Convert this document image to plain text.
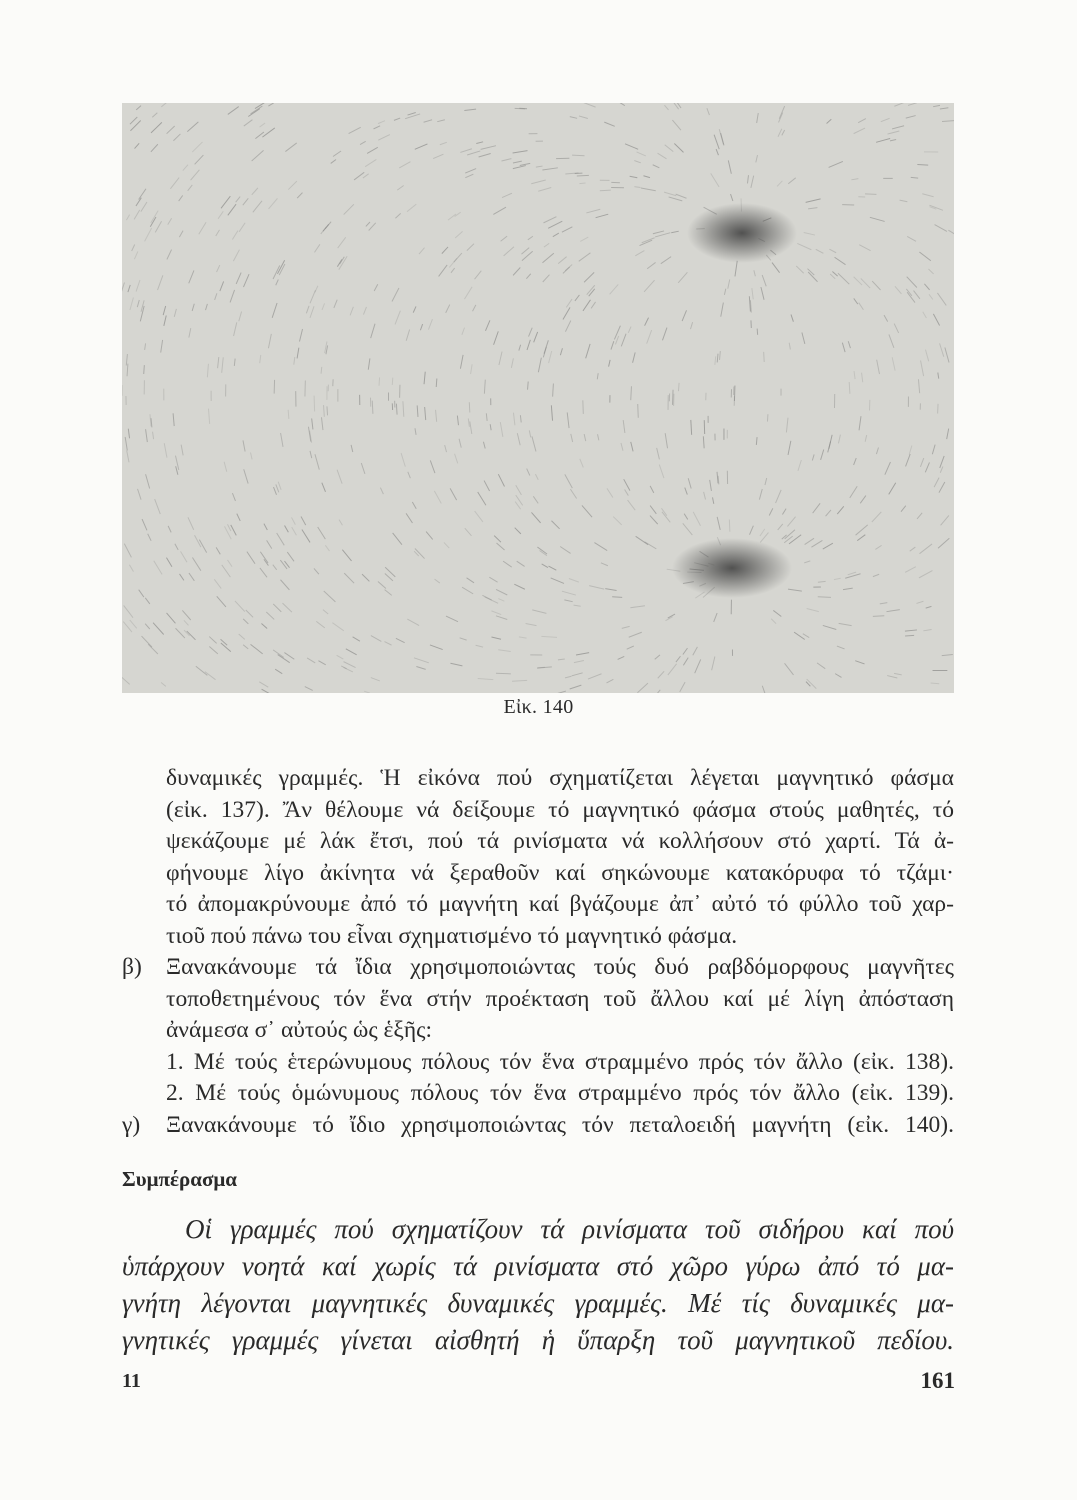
Εἰκ. 140
δυναμικές γραμμές. Ἡ εἰκόνα πού σχηματίζεται λέγεται μαγνητικό φάσμα
(εἰκ. 137). Ἄν θέλουμε νά δείξουμε τό μαγνητικό φάσμα στούς μαθητές, τό
ψεκάζουμε μέ λάκ ἔτσι, πού τά ρινίσματα νά κολλήσουν στό χαρτί. Τά ἀ-
φήνουμε λίγο ἀκίνητα νά ξεραθοῦν καί σηκώνουμε κατακόρυφα τό τζάμι·
τό ἀπομακρύνουμε ἀπό τό μαγνήτη καί βγάζουμε ἀπ᾽ αὐτό τό φύλλο τοῦ χαρ-
τιοῦ πού πάνω του εἶναι σχηματισμένο τό μαγνητικό φάσμα.
β) Ξανακάνουμε τά ἴδια χρησιμοποιώντας τούς δυό ραβδόμορφους μαγνῆτες
τοποθετημένους τόν ἕνα στήν προέκταση τοῦ ἄλλου καί μέ λίγη ἀπόσταση
ἀνάμεσα σ᾽ αὐτούς ὡς ἑξῆς:
1. Μέ τούς ἑτερώνυμους πόλους τόν ἕνα στραμμένο πρός τόν ἄλλο (εἰκ. 138).
2. Μέ τούς ὁμώνυμους πόλους τόν ἕνα στραμμένο πρός τόν ἄλλο (εἰκ. 139).
γ) Ξανακάνουμε τό ἴδιο χρησιμοποιώντας τόν πεταλοειδή μαγνήτη (εἰκ. 140).
Συμπέρασμα
Οἱ γραμμές πού σχηματίζουν τά ρινίσματα τοῦ σιδήρου καί πού
ὑπάρχουν νοητά καί χωρίς τά ρινίσματα στό χῶρο γύρω ἀπό τό μα-
γνήτη λέγονται μαγνητικές δυναμικές γραμμές. Μέ τίς δυναμικές μα-
γνητικές γραμμές γίνεται αἰσθητή ἡ ὕπαρξη τοῦ μαγνητικοῦ πεδίου.
11	161
